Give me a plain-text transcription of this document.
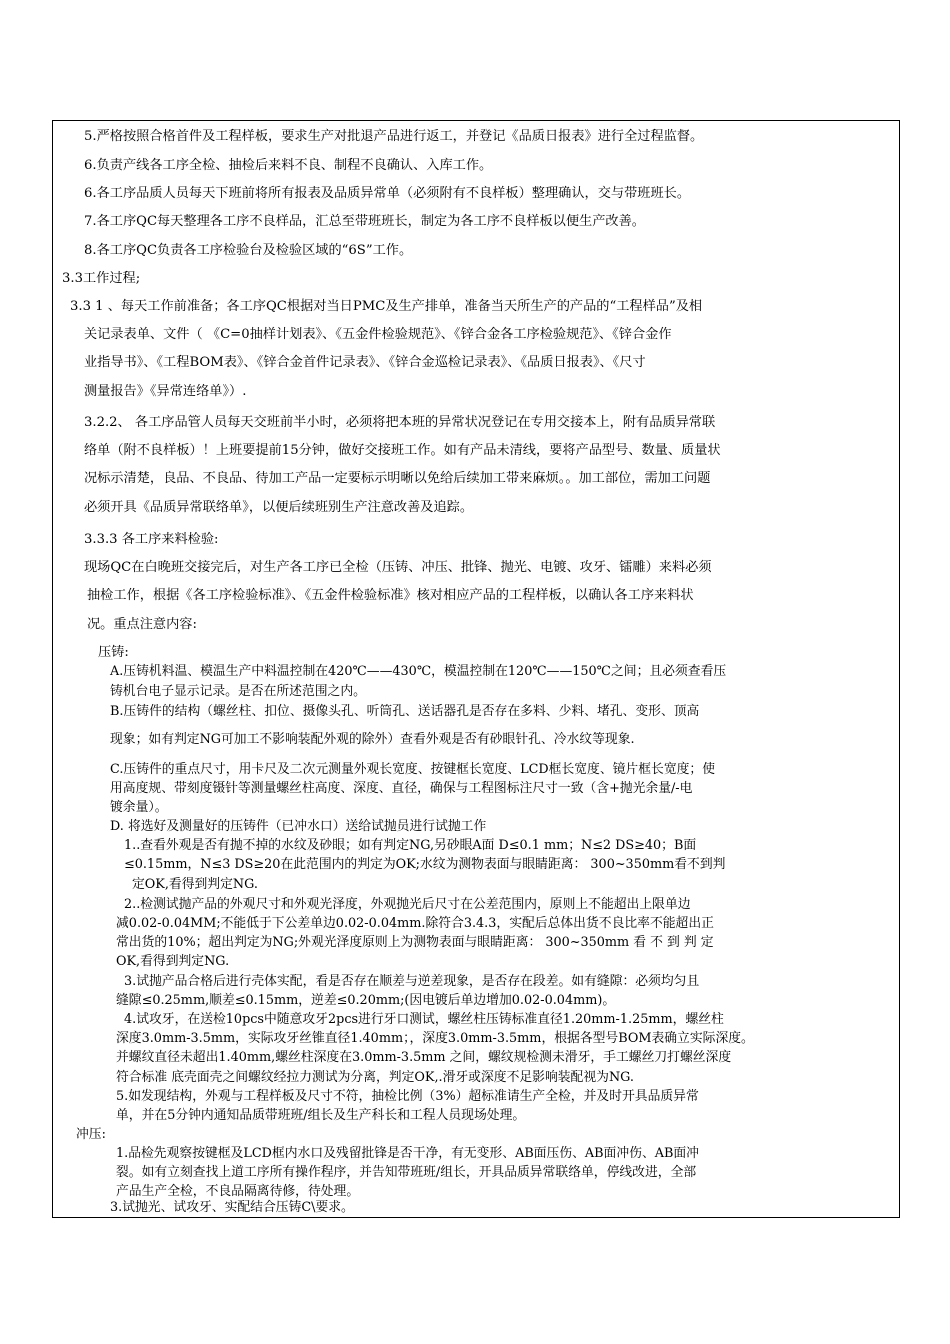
5.严格按照合格首件及工程样板，要求生产对批退产品进行返工，并登记《品质日报表》进行全过程监督。
6.负责产线各工序全检、抽检后来料不良、制程不良确认、入库工作。
6.各工序品质人员每天下班前将所有报表及品质异常单（必须附有不良样板）整理确认，交与带班班长。
7.各工序QC每天整理各工序不良样品，汇总至带班班长，制定为各工序不良样板以便生产改善。
8.各工序QC负责各工序检验台及检验区域的“6S”工作。
3.3工作过程;
3.3 1 、每天工作前准备；各工序QC根据对当日PMC及生产排单，准备当天所生产的产品的“工程样品”及相
关记录表单、文件（ 《C=0抽样计划表》、《五金件检验规范》、《锌合金各工序检验规范》、《锌合金作
业指导书》、《工程BOM表》、《锌合金首件记录表》、《锌合金巡检记录表》、《品质日报表》、《尺寸
测量报告》《异常连络单》）.
3.2.2、 各工序品管人员每天交班前半小时，必须将把本班的异常状况登记在专用交接本上，附有品质异常联
络单（附不良样板）！上班要提前15分钟，做好交接班工作。如有产品未清线，要将产品型号、数量、质量状
况标示清楚，良品、不良品、待加工产品一定要标示明晰以免给后续加工带来麻烦。。加工部位，需加工问题
必须开具《品质异常联络单》，以便后续班别生产注意改善及追踪。
3.3.3 各工序来料检验:
现场QC在白晚班交接完后，对生产各工序已全检（压铸、冲压、批锋、抛光、电镀、攻牙、镭雕）来料必须
抽检工作，根据《各工序检验标准》、《五金件检验标准》核对相应产品的工程样板，以确认各工序来料状
况。重点注意内容:
压铸:
A.压铸机料温、模温生产中料温控制在420℃——430℃，模温控制在120℃——150℃之间；且必须查看压
铸机台电子显示记录。是否在所述范围之内。
B.压铸件的结构（螺丝柱、扣位、摄像头孔、听筒孔、送话器孔是否存在多料、少料、堵孔、变形、顶高
现象；如有判定NG可加工不影响装配外观的除外）查看外观是否有砂眼针孔、冷水纹等现象.
C.压铸件的重点尺寸，用卡尺及二次元测量外观长宽度、按键框长宽度、LCD框长宽度、镜片框长宽度；使
用高度规、带刻度镊针等测量螺丝柱高度、深度、直径，确保与工程图标注尺寸一致（含+抛光余量/-电
镀余量）。
D. 将选好及测量好的压铸件（已冲水口）送给试抛员进行试抛工作
1..查看外观是否有抛不掉的水纹及砂眼；如有判定NG,另砂眼A面 D≤0.1 mm；N≤2 DS≥40；B面
≤0.15mm，N≤3 DS≥20在此范围内的判定为OK;水纹为测物表面与眼睛距离： 300~350mm看不到判
定OK,看得到判定NG.
2..检测试抛产品的外观尺寸和外观光泽度，外观抛光后尺寸在公差范围内，原则上不能超出上限单边
减0.02-0.04MM;不能低于下公差单边0.02-0.04mm.除符合3.4.3，实配后总体出货不良比率不能超出正
常出货的10%；超出判定为NG;外观光泽度原则上为测物表面与眼睛距离： 300~350mm 看 不 到 判 定
OK,看得到判定NG.
3.试抛产品合格后进行壳体实配，看是否存在顺差与逆差现象，是否存在段差。如有缝隙：必须均匀且
缝隙≤0.25mm,顺差≤0.15mm，逆差≤0.20mm;(因电镀后单边增加0.02-0.04mm)。
4.试攻牙，在送检10pcs中随意攻牙2pcs进行牙口测试，螺丝柱压铸标准直径1.20mm-1.25mm，螺丝柱
深度3.0mm-3.5mm，实际攻牙丝锥直径1.40mm；，深度3.0mm-3.5mm，根据各型号BOM表确立实际深度。
并螺纹直径未超出1.40mm,螺丝柱深度在3.0mm-3.5mm 之间，螺纹规检测未滑牙，手工螺丝刀打螺丝深度
符合标准 底壳面壳之间螺纹经拉力测试为分离，判定OK,.滑牙或深度不足影响装配视为NG.
5.如发现结构，外观与工程样板及尺寸不符，抽检比例（3%）超标准请生产全检，并及时开具品质异常
单，并在5分钟内通知品质带班班/组长及生产科长和工程人员现场处理。
冲压:
1.品检先观察按键框及LCD框内水口及残留批锋是否干净，有无变形、AB面压伤、AB面冲伤、AB面冲
裂。如有立刻查找上道工序所有操作程序，并告知带班班/组长，开具品质异常联络单，停线改进，全部
产品生产全检，不良品隔离待修，待处理。
3.试抛光、试攻牙、实配结合压铸C\要求。
